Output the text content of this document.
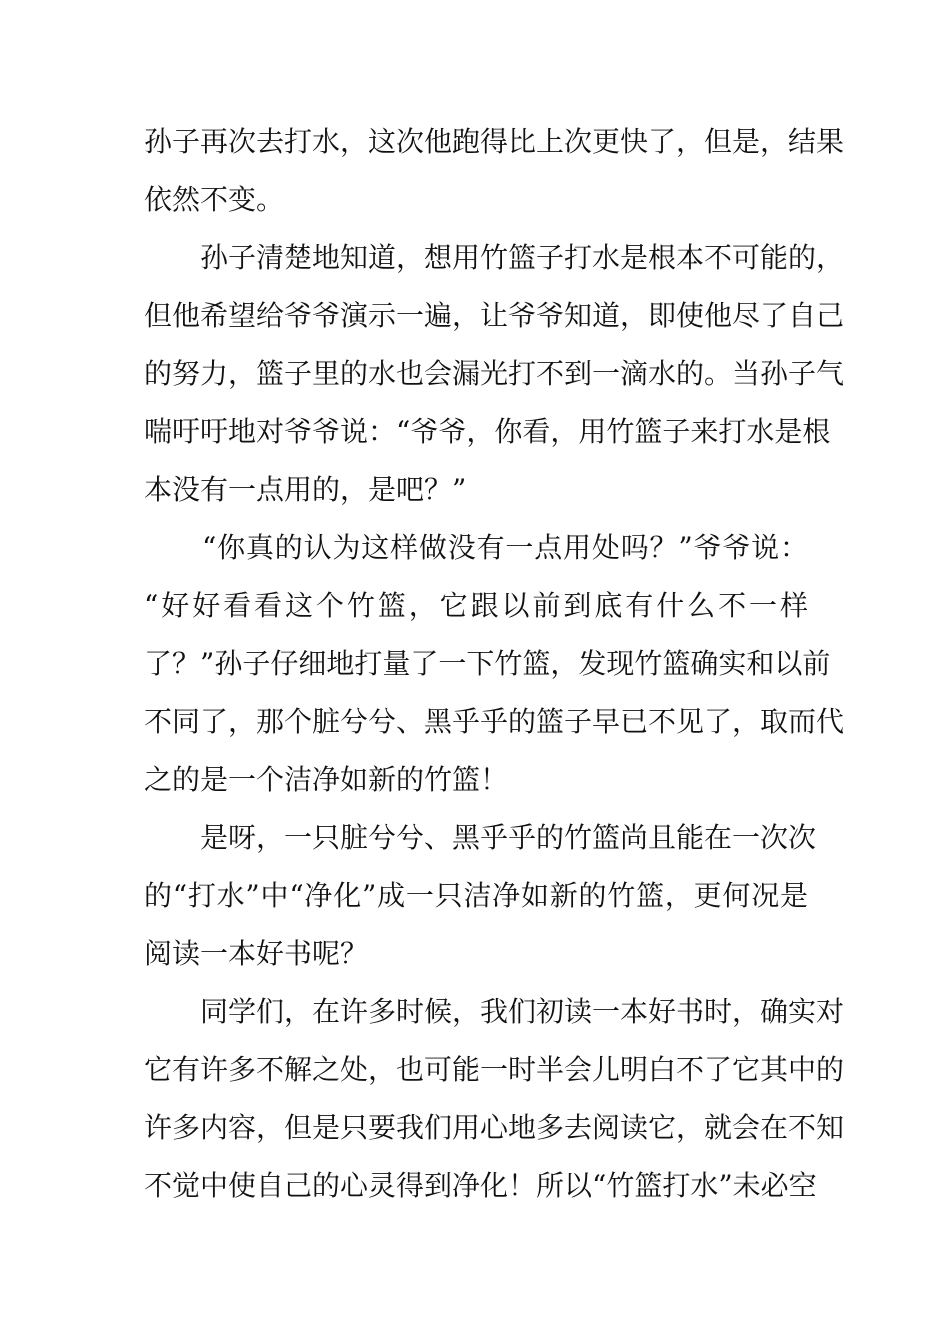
孙子再次去打水，这次他跑得比上次更快了，但是，结果
依然不变。
孙子清楚地知道，想用竹篮子打水是根本不可能的，
但他希望给爷爷演示一遍，让爷爷知道，即使他尽了自己
的努力，篮子里的水也会漏光打不到一滴水的。当孙子气
喘吁吁地对爷爷说：“爷爷，你看，用竹篮子来打水是根
本没有一点用的，是吧？”
“你真的认为这样做没有一点用处吗？”爷爷说：
“好好看看这个竹篮，它跟以前到底有什么不一样
了？”孙子仔细地打量了一下竹篮，发现竹篮确实和以前
不同了，那个脏兮兮、黑乎乎的篮子早已不见了，取而代
之的是一个洁净如新的竹篮！
是呀，一只脏兮兮、黑乎乎的竹篮尚且能在一次次
的“打水”中“净化”成一只洁净如新的竹篮，更何况是
阅读一本好书呢？
同学们，在许多时候，我们初读一本好书时，确实对
它有许多不解之处，也可能一时半会儿明白不了它其中的
许多内容，但是只要我们用心地多去阅读它，就会在不知
不觉中使自己的心灵得到净化！所以“竹篮打水”未必空
